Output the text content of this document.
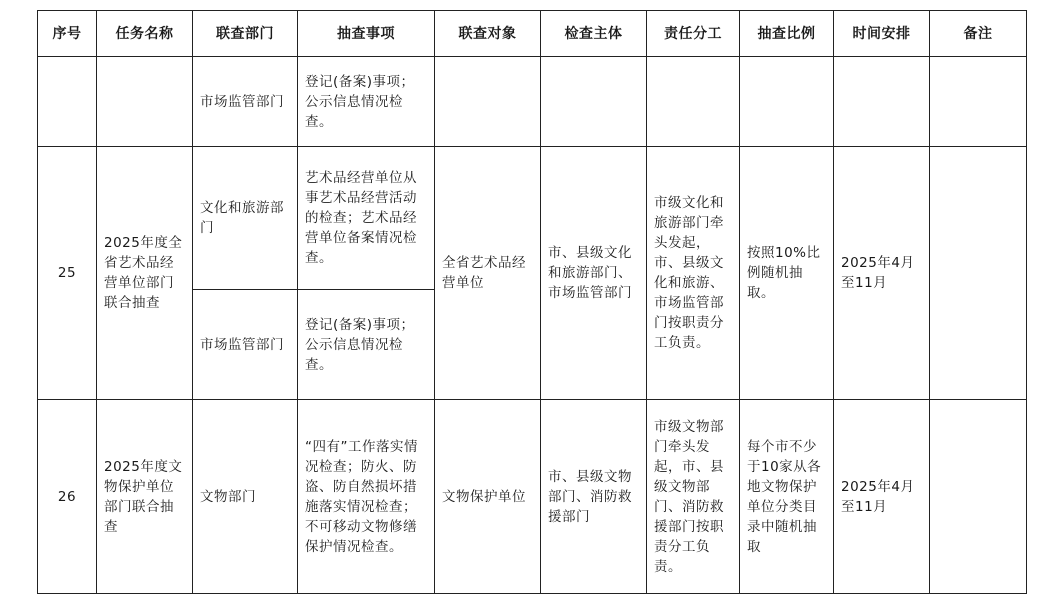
序号	任务名称	联查部门	抽查事项	联查对象	检查主体	责任分工	抽查比例	时间安排	备注
		市场监管部门	登记(备案)事项；公示信息情况检查。						
25	2025年度全省艺术品经营单位部门联合抽查	文化和旅游部门	艺术品经营单位从事艺术品经营活动的检查；艺术品经营单位备案情况检查。	全省艺术品经营单位	市、县级文化和旅游部门、市场监管部门	市级文化和旅游部门牵头发起，市、县级文化和旅游、市场监管部门按职责分工负责。	按照10%比例随机抽取。	2025年4月至11月	
		市场监管部门	登记(备案)事项；公示信息情况检查。						
26	2025年度文物保护单位部门联合抽查	文物部门	“四有”工作落实情况检查；防火、防盗、防自然损坏措施落实情况检查；不可移动文物修缮保护情况检查。	文物保护单位	市、县级文物部门、消防救援部门	市级文物部门牵头发起，市、县级文物部门、消防救援部门按职责分工负责。	每个市不少于10家从各地文物保护单位分类目录中随机抽取	2025年4月至11月	
